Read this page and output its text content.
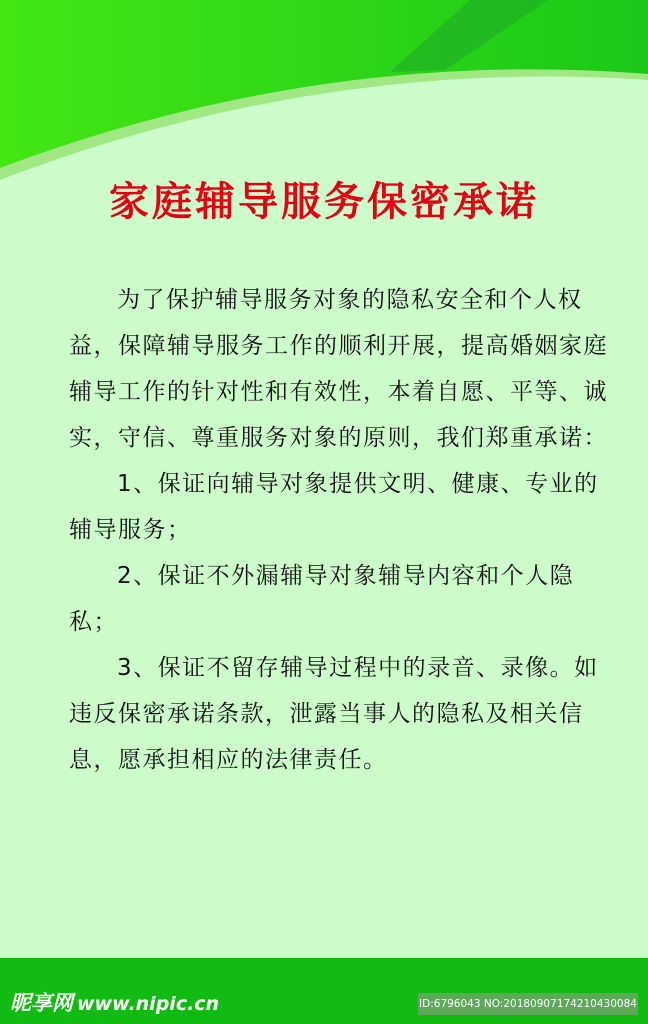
家庭辅导服务保密承诺

为了保护辅导服务对象的隐私安全和个人权益，保障辅导服务工作的顺利开展，提高婚姻家庭辅导工作的针对性和有效性，本着自愿、平等、诚实，守信、尊重服务对象的原则，我们郑重承诺：

1、保证向辅导对象提供文明、健康、专业的辅导服务；

2、保证不外漏辅导对象辅导内容和个人隐私；

3、保证不留存辅导过程中的录音、录像。如违反保密承诺条款，泄露当事人的隐私及相关信息，愿承担相应的法律责任。

昵享网 www.nipic.cn	ID:6796043 NO:20180907174210430084
